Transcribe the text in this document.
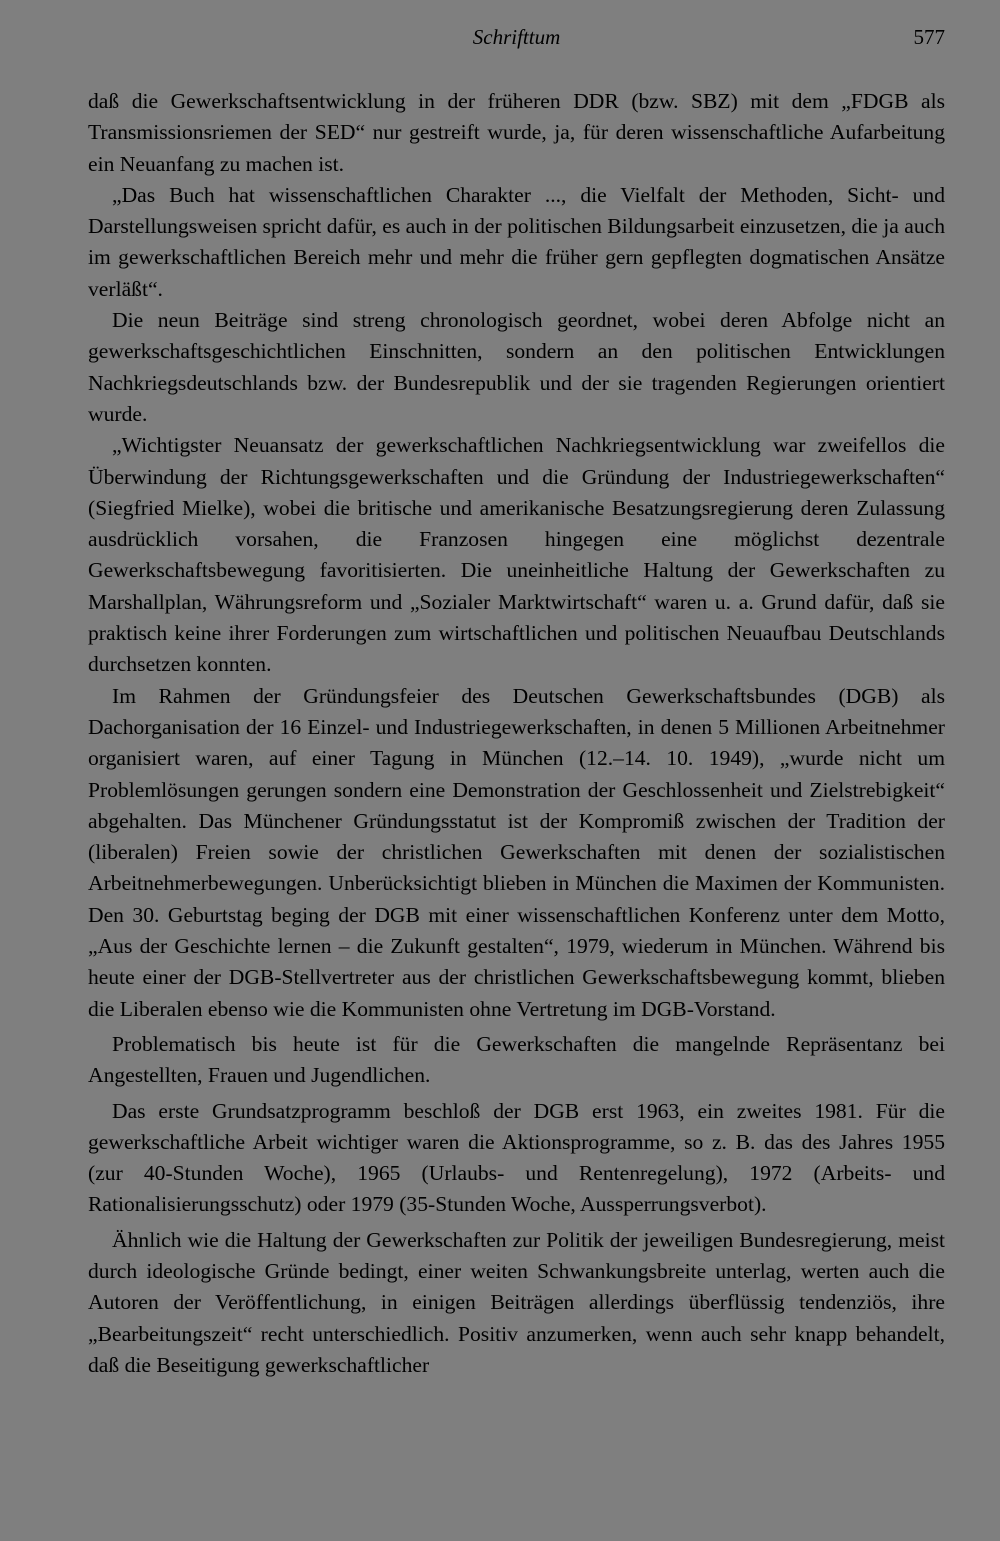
Schrifttum	577

daß die Gewerkschaftsentwicklung in der früheren DDR (bzw. SBZ) mit dem „FDGB als Transmissionsriemen der SED“ nur gestreift wurde, ja, für deren wissenschaftliche Aufarbeitung ein Neuanfang zu machen ist.

„Das Buch hat wissenschaftlichen Charakter ..., die Vielfalt der Methoden, Sicht- und Darstellungsweisen spricht dafür, es auch in der politischen Bildungsarbeit einzusetzen, die ja auch im gewerkschaftlichen Bereich mehr und mehr die früher gern gepflegten dogmatischen Ansätze verläßt“.

Die neun Beiträge sind streng chronologisch geordnet, wobei deren Abfolge nicht an gewerkschaftsgeschichtlichen Einschnitten, sondern an den politischen Entwicklungen Nachkriegsdeutschlands bzw. der Bundesrepublik und der sie tragenden Regierungen orientiert wurde.

„Wichtigster Neuansatz der gewerkschaftlichen Nachkriegsentwicklung war zweifellos die Überwindung der Richtungsgewerkschaften und die Gründung der Industriegewerkschaften“ (Siegfried Mielke), wobei die britische und amerikanische Besatzungsregierung deren Zulassung ausdrücklich vorsahen, die Franzosen hingegen eine möglichst dezentrale Gewerkschaftsbewegung favoritisierten. Die uneinheitliche Haltung der Gewerkschaften zu Marshallplan, Währungsreform und „Sozialer Marktwirtschaft“ waren u. a. Grund dafür, daß sie praktisch keine ihrer Forderungen zum wirtschaftlichen und politischen Neuaufbau Deutschlands durchsetzen konnten.

Im Rahmen der Gründungsfeier des Deutschen Gewerkschaftsbundes (DGB) als Dachorganisation der 16 Einzel- und Industriegewerkschaften, in denen 5 Millionen Arbeitnehmer organisiert waren, auf einer Tagung in München (12.–14. 10. 1949), „wurde nicht um Problemlösungen gerungen sondern eine Demonstration der Geschlossenheit und Zielstrebigkeit“ abgehalten. Das Münchener Gründungsstatut ist der Kompromiß zwischen der Tradition der (liberalen) Freien sowie der christlichen Gewerkschaften mit denen der sozialistischen Arbeitnehmerbewegungen. Unberücksichtigt blieben in München die Maximen der Kommunisten. Den 30. Geburtstag beging der DGB mit einer wissenschaftlichen Konferenz unter dem Motto, „Aus der Geschichte lernen – die Zukunft gestalten“, 1979, wiederum in München. Während bis heute einer der DGB-Stellvertreter aus der christlichen Gewerkschaftsbewegung kommt, blieben die Liberalen ebenso wie die Kommunisten ohne Vertretung im DGB-Vorstand.

Problematisch bis heute ist für die Gewerkschaften die mangelnde Repräsentanz bei Angestellten, Frauen und Jugendlichen.

Das erste Grundsatzprogramm beschloß der DGB erst 1963, ein zweites 1981. Für die gewerkschaftliche Arbeit wichtiger waren die Aktionsprogramme, so z. B. das des Jahres 1955 (zur 40-Stunden Woche), 1965 (Urlaubs- und Rentenregelung), 1972 (Arbeits- und Rationalisierungsschutz) oder 1979 (35-Stunden Woche, Aussperrungsverbot).

Ähnlich wie die Haltung der Gewerkschaften zur Politik der jeweiligen Bundesregierung, meist durch ideologische Gründe bedingt, einer weiten Schwankungsbreite unterlag, werten auch die Autoren der Veröffentlichung, in einigen Beiträgen allerdings überflüssig tendenziös, ihre „Bearbeitungszeit“ recht unterschiedlich. Positiv anzumerken, wenn auch sehr knapp behandelt, daß die Beseitigung gewerkschaftlicher
